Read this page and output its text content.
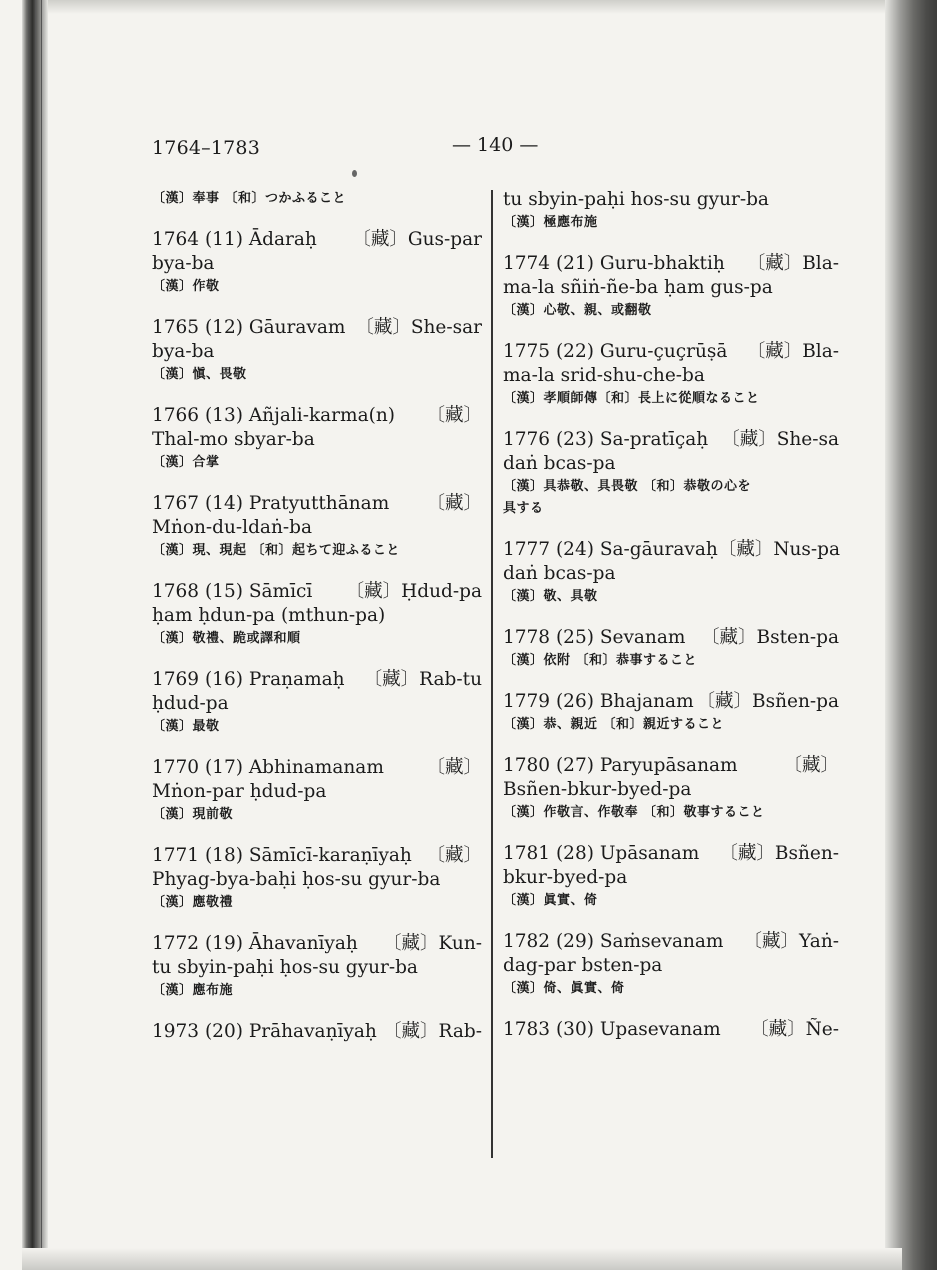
1764–1783	— 140 —
〔漢〕奉事 〔和〕つかふること
1764 (11) Ādaraḥ 〔藏〕Gus-par
bya-ba
〔漢〕作敬
1765 (12) Gāuravam 〔藏〕She-sar
bya-ba
〔漢〕愼、畏敬
1766 (13) Añjali-karma(n) 〔藏〕
Thal-mo sbyar-ba
〔漢〕合掌
1767 (14) Pratyutthānam 〔藏〕
Mṅon-du-ldaṅ-ba
〔漢〕現、現起 〔和〕起ちて迎ふること
1768 (15) Sāmīcī 〔藏〕Ḥdud-pa
ḥam ḥdun-pa (mthun-pa)
〔漢〕敬禮、跪或譯和順
1769 (16) Praṇamaḥ 〔藏〕Rab-tu
ḥdud-pa
〔漢〕最敬
1770 (17) Abhinamanam 〔藏〕
Mṅon-par ḥdud-pa
〔漢〕現前敬
1771 (18) Sāmīcī-karaṇīyaḥ 〔藏〕
Phyag-bya-baḥi ḥos-su gyur-ba
〔漢〕應敬禮
1772 (19) Āhavanīyaḥ 〔藏〕Kun-
tu sbyin-paḥi ḥos-su gyur-ba
〔漢〕應布施
1973 (20) Prāhavaṇīyaḥ 〔藏〕Rab-
tu sbyin-paḥi hos-su gyur-ba
〔漢〕極應布施
1774 (21) Guru-bhaktiḥ 〔藏〕Bla-
ma-la sñiṅ-ñe-ba ḥam gus-pa
〔漢〕心敬、親、或翻敬
1775 (22) Guru-çuçrūṣā 〔藏〕Bla-
ma-la srid-shu-che-ba
〔漢〕孝順師傳〔和〕長上に從順なること
1776 (23) Sa-pratīçaḥ 〔藏〕She-sa
daṅ bcas-pa
〔漢〕具恭敬、具畏敬 〔和〕恭敬の心を
具する
1777 (24) Sa-gāuravaḥ 〔藏〕Nus-pa
daṅ bcas-pa
〔漢〕敬、具敬
1778 (25) Sevanam 〔藏〕Bsten-pa
〔漢〕依附 〔和〕恭事すること
1779 (26) Bhajanam 〔藏〕Bsñen-pa
〔漢〕恭、親近 〔和〕親近すること
1780 (27) Paryupāsanam 〔藏〕
Bsñen-bkur-byed-pa
〔漢〕作敬言、作敬奉 〔和〕敬事すること
1781 (28) Upāsanam 〔藏〕Bsñen-
bkur-byed-pa
〔漢〕眞實、倚
1782 (29) Saṁsevanam 〔藏〕Yaṅ-
dag-par bsten-pa
〔漢〕倚、眞實、倚
1783 (30) Upasevanam 〔藏〕Ñe-
